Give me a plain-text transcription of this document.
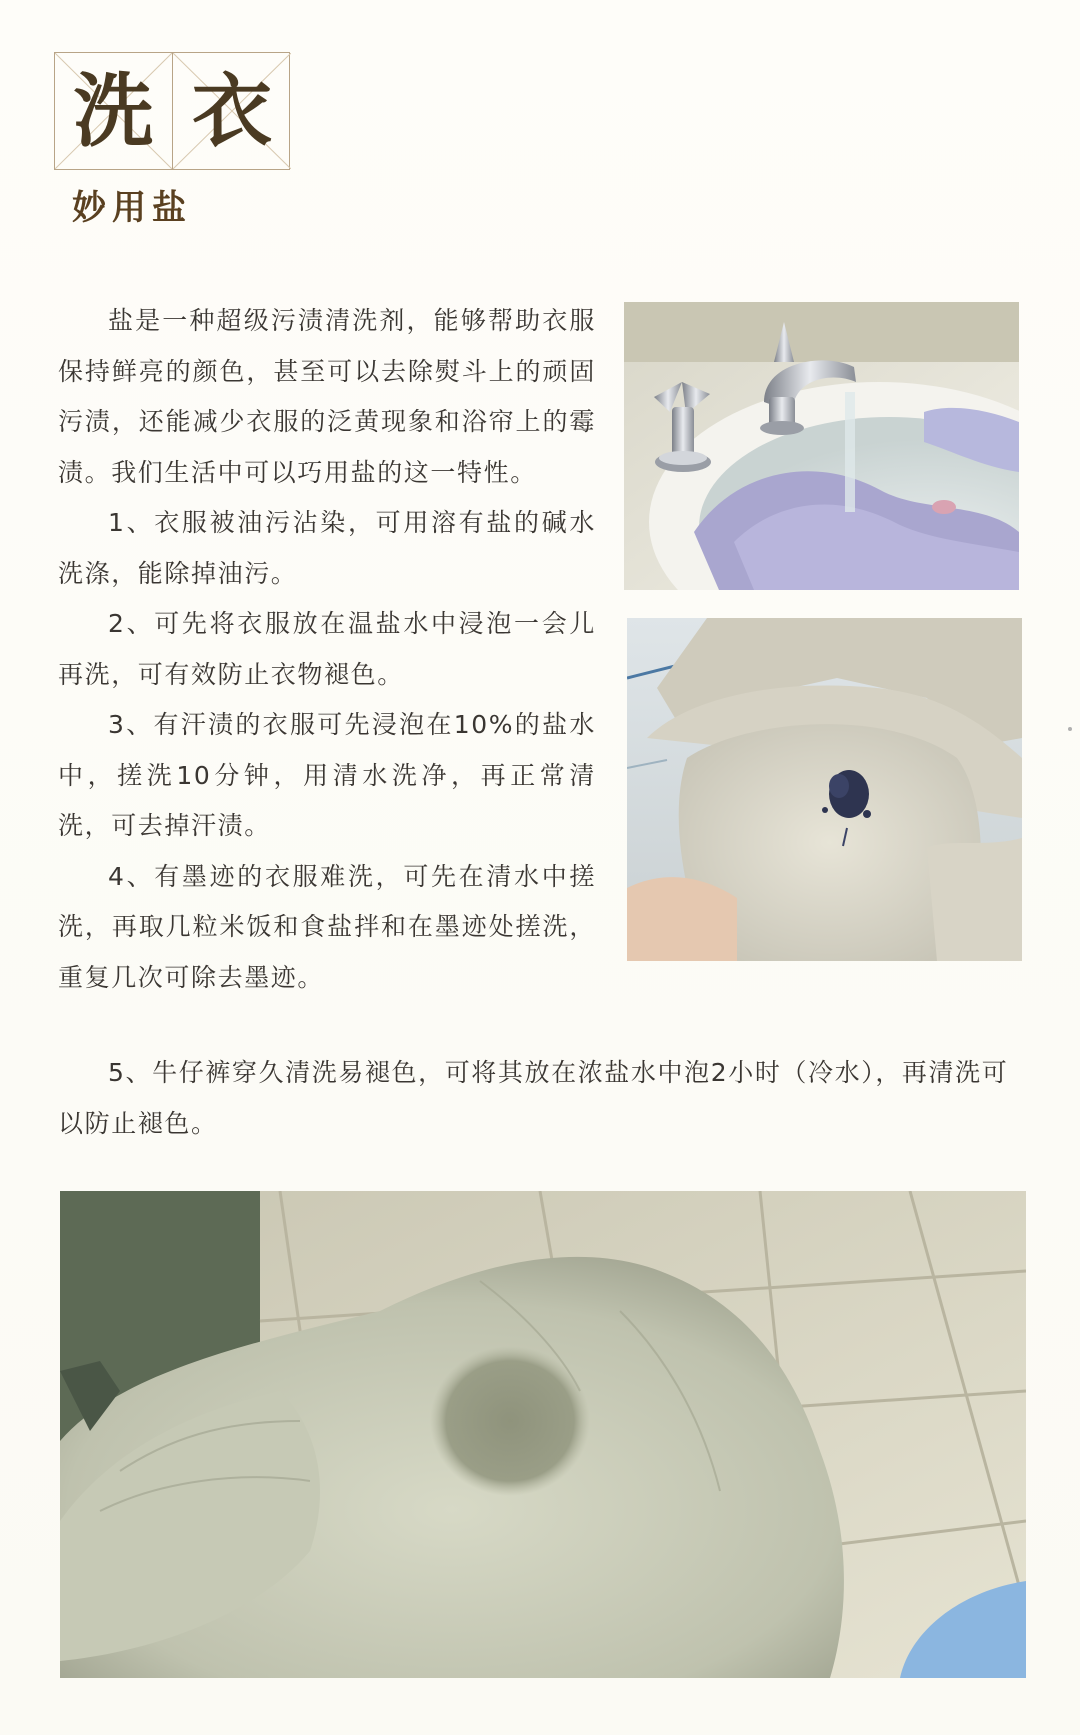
洗 衣
妙用盐

盐是一种超级污渍清洗剂，能够帮助衣服保持鲜亮的颜色，甚至可以去除熨斗上的顽固污渍，还能减少衣服的泛黄现象和浴帘上的霉渍。我们生活中可以巧用盐的这一特性。

1、衣服被油污沾染，可用溶有盐的碱水洗涤，能除掉油污。

2、可先将衣服放在温盐水中浸泡一会儿再洗，可有效防止衣物褪色。

3、有汗渍的衣服可先浸泡在10%的盐水中，搓洗10分钟，用清水洗净，再正常清洗，可去掉汗渍。

4、有墨迹的衣服难洗，可先在清水中搓洗，再取几粒米饭和食盐拌和在墨迹处搓洗，重复几次可除去墨迹。

5、牛仔裤穿久清洗易褪色，可将其放在浓盐水中泡2小时（冷水），再清洗可以防止褪色。
